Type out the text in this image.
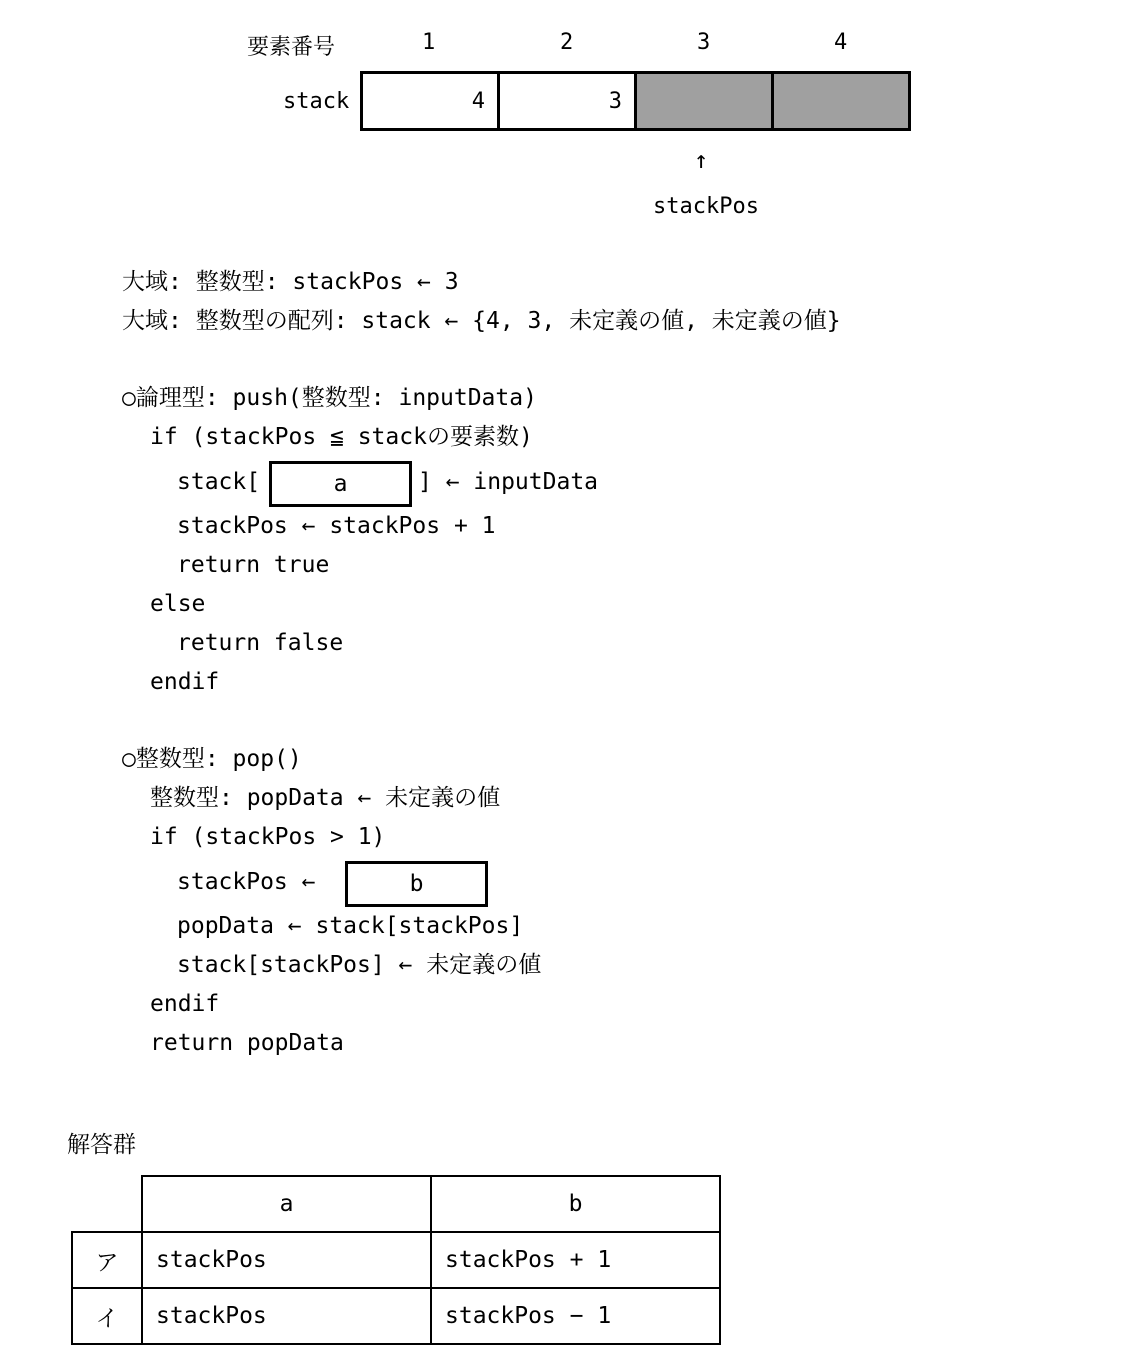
要素番号	1	2	3	4
stack	4	3
↑
stackPos
大域: 整数型: stackPos ← 3
大域: 整数型の配列: stack ← {4, 3, 未定義の値, 未定義の値}
○論理型: push(整数型: inputData)
if (stackPos ≦ stackの要素数)
stack[	a	] ← inputData
stackPos ← stackPos + 1
return true
else
return false
endif
○整数型: pop()
整数型: popData ← 未定義の値
if (stackPos > 1)
stackPos ←	b
popData ← stack[stackPos]
stack[stackPos] ← 未定義の値
endif
return popData
解答群
	a	b
ア	stackPos	stackPos + 1
イ	stackPos	stackPos − 1
